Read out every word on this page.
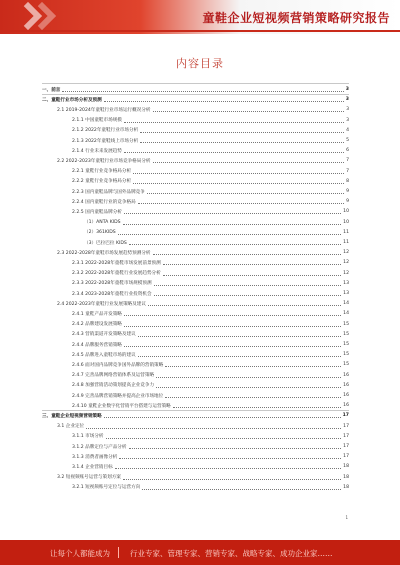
童鞋企业短视频营销策略研究报告
内容目录
一、前言	3
二、童鞋行业市场分析及预测	3
2.1 2019-2024年童鞋行业市场运行概况分析	3
2.1.1 中国童鞋市场规模	3
2.1.2 2022年童鞋行业市场分析	4
2.1.3 2022年童鞋线上市场分析	5
2.1.4 行业未来发展趋势	6
2.2 2022-2023年童鞋行业市场竞争格局分析	7
2.2.1 童鞋行业竞争格局分析	7
2.2.2 童鞋行业竞争格局分析	8
2.2.3 国内童鞋品牌与国外品牌竞争	9
2.2.4 国内童鞋行业的竞争格局	9
2.2.5 国内童鞋品牌分析	10
（1）ANTA KIDS	10
（2）361KIDS	11
（3）巴拉巴拉 KIDS	11
2.3 2022-2028年童鞋市场发展趋势预测分析	12
2.3.1 2022-2028年童鞋市场发展前景预测	12
2.3.2 2022-2028年童鞋行业发展趋势分析	12
2.3.3 2022-2028年童鞋市场规模预测	13
2.3.4 2023-2028年童鞋行业投资机会	13
2.4 2022-2023年童鞋行业发展策略及建议	14
2.4.1 童鞋产品开发策略	14
2.4.2 品牌建设发展策略	15
2.4.3 营销渠道开发策略及建议	15
2.4.4 品牌服务营销策略	15
2.4.5 品牌进入童鞋市场的建议	15
2.4.6 面对国内品牌竞争国外品牌的营销策略	15
2.4.7 完善品牌网络营销体系及运营策略	16
2.4.8 加强营销活动策划提高企业竞争力	16
2.4.9 完善品牌营销策略并提高企业市场地位	16
2.4.10 童鞋企业数字化营销平台搭建与运营策略	16
三、童鞋企业短视频营销策略	17
3.1 企业定位	17
3.1.1 市场分析	17
3.1.2 品牌定位与产品分析	17
3.1.3 消费者画像分析	17
3.1.4 企业营销目标	18
3.2 短视频账号运营与策划方案	18
3.2.1 短视频账号定位与运营方向	18
1
让每个人都能成为	行业专家、管理专家、营销专家、战略专家、成功企业家……
